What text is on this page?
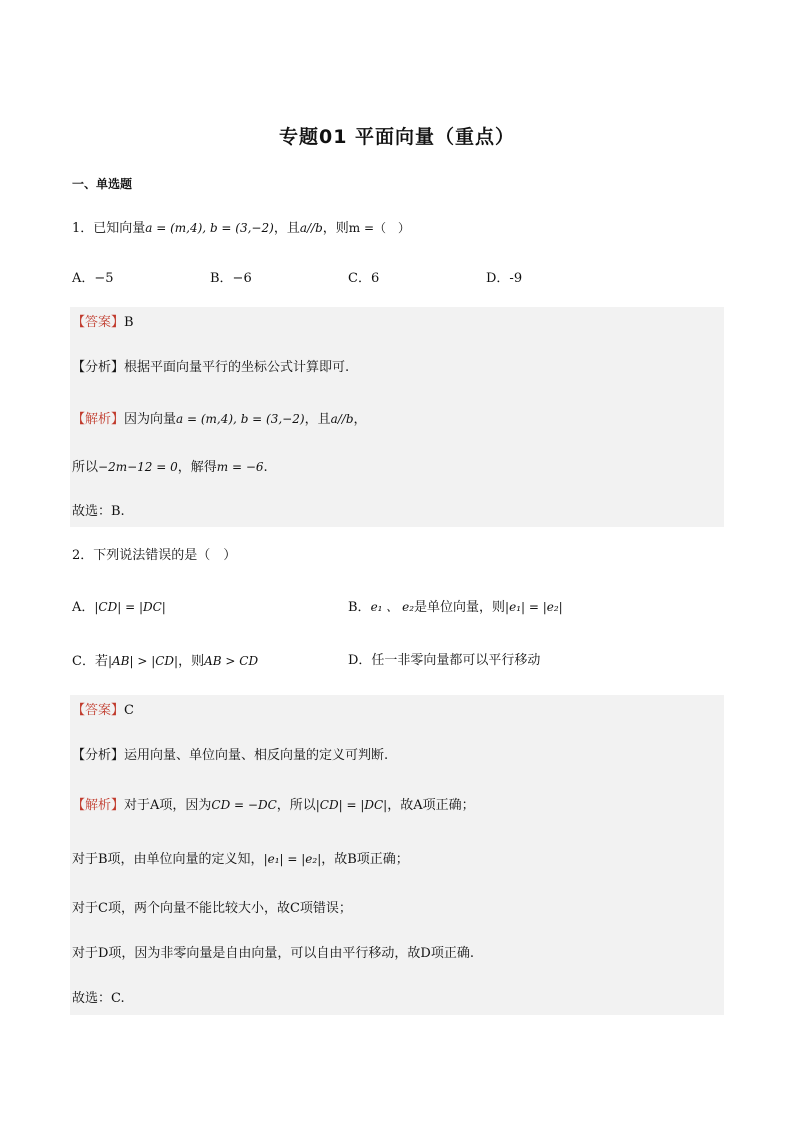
专题01 平面向量（重点）
一、单选题
1．已知向量a = (m,4), b = (3,−2)，且a//b，则m =（　）
A．−5	B．−6	C．6	D．-9
【答案】B
【分析】根据平面向量平行的坐标公式计算即可.
【解析】因为向量a = (m,4), b = (3,−2)，且a//b，
所以−2m−12 = 0，解得m = −6.
故选：B.
2．下列说法错误的是（　）
A．|CD| = |DC|	B．e₁ 、 e₂是单位向量，则|e₁| = |e₂|
C．若|AB| > |CD|，则AB > CD	D．任一非零向量都可以平行移动
【答案】C
【分析】运用向量、单位向量、相反向量的定义可判断.
【解析】对于A项，因为CD = −DC，所以|CD| = |DC|，故A项正确；
对于B项，由单位向量的定义知，|e₁| = |e₂|，故B项正确；
对于C项，两个向量不能比较大小，故C项错误；
对于D项，因为非零向量是自由向量，可以自由平行移动，故D项正确.
故选：C.
